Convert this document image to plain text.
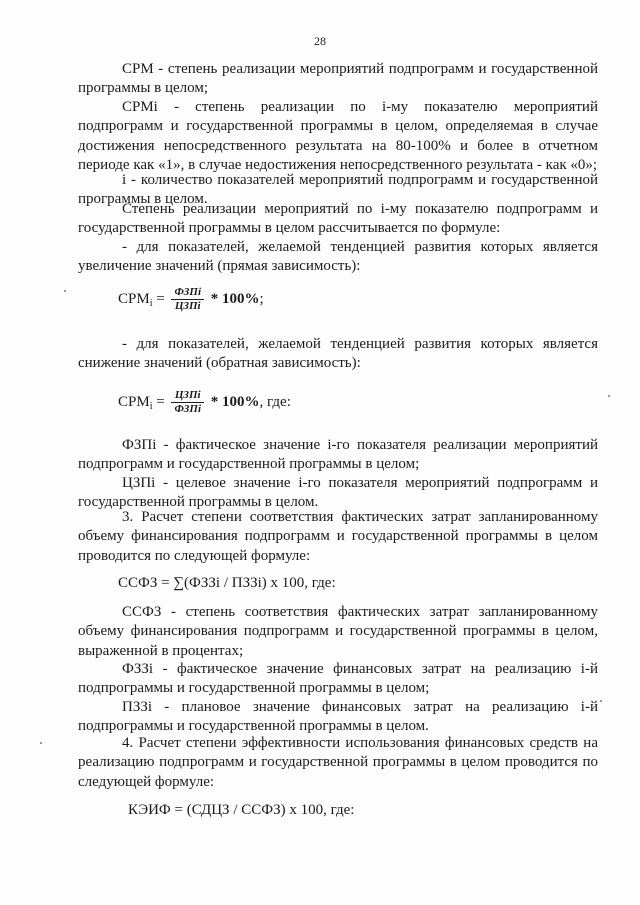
28

СРМ - степень реализации мероприятий подпрограмм и государственной программы в целом;

СРМі - степень реализации по і-му показателю мероприятий подпрограмм и государственной программы в целом, определяемая в случае достижения непосредственного результата на 80-100% и более в отчетном периоде как «1», в случае недостижения непосредственного результата - как «0»;

і - количество показателей мероприятий подпрограмм и государственной программы в целом.

Степень реализации мероприятий по і-му показателю подпрограмм и государственной программы в целом рассчитывается по формуле:

- для показателей, желаемой тенденцией развития которых является увеличение значений (прямая зависимость):

$СРМ_і = \frac{\text{ФЗПі}}{\text{ЦЗПі}} * 100\%$;

- для показателей, желаемой тенденцией развития которых является снижение значений (обратная зависимость):

$СРМ_і = \frac{\text{ЦЗПі}}{\text{ФЗПі}} * 100\%$, где:

ФЗПі - фактическое значение і-го показателя реализации мероприятий подпрограмм и государственной программы в целом;

ЦЗПі - целевое значение і-го показателя мероприятий подпрограмм и государственной программы в целом.

3. Расчет степени соответствия фактических затрат запланированному объему финансирования подпрограмм и государственной программы в целом проводится по следующей формуле:

ССФЗ = ∑(ФЗЗі / ПЗЗі) х 100, где:

ССФЗ - степень соответствия фактических затрат запланированному объему финансирования подпрограмм и государственной программы в целом, выраженной в процентах;

ФЗЗі - фактическое значение финансовых затрат на реализацию і-й подпрограммы и государственной программы в целом;

ПЗЗі - плановое значение финансовых затрат на реализацию і-й подпрограммы и государственной программы в целом.

4. Расчет степени эффективности использования финансовых средств на реализацию подпрограмм и государственной программы в целом проводится по следующей формуле:

КЭИФ = (СДЦЗ / ССФЗ) х 100, где:
